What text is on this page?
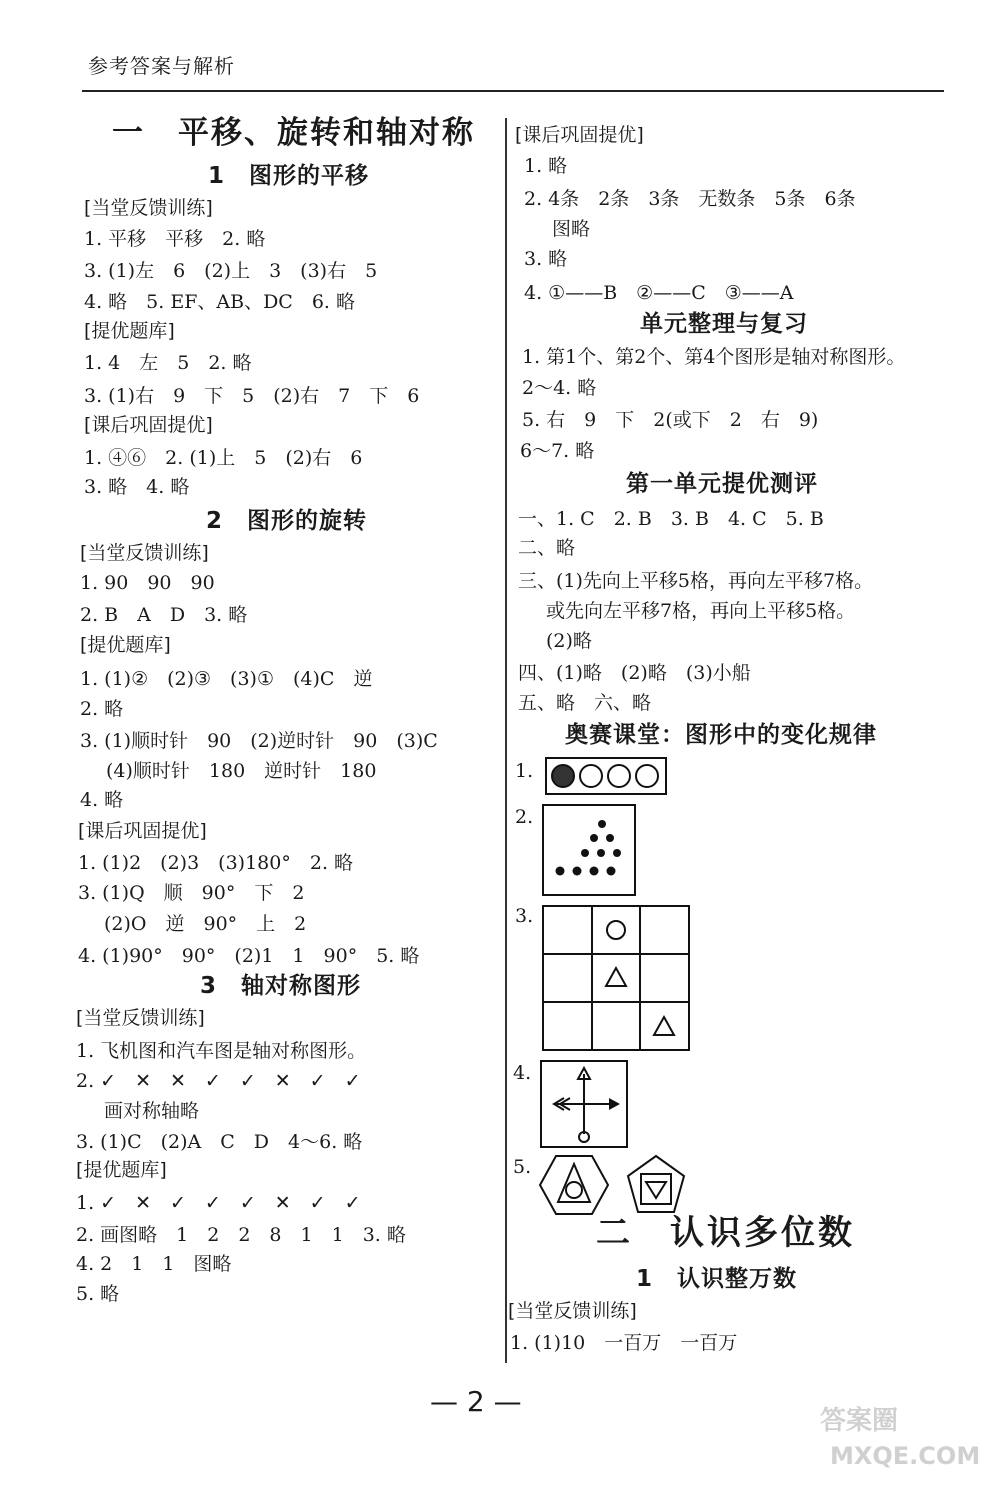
参考答案与解析
一　平移、旋转和轴对称
1　图形的平移
[当堂反馈训练]
1. 平移　平移　2. 略
3. (1)左　6　(2)上　3　(3)右　5
4. 略　5. EF、AB、DC　6. 略
[提优题库]
1. 4　左　5　2. 略
3. (1)右　9　下　5　(2)右　7　下　6
[课后巩固提优]
1. ④⑥　2. (1)上　5　(2)右　6
3. 略　4. 略
2　图形的旋转
[当堂反馈训练]
1. 90　90　90
2. B　A　D　3. 略
[提优题库]
1. (1)②　(2)③　(3)①　(4)C　逆
2. 略
3. (1)顺时针　90　(2)逆时针　90　(3)C
(4)顺时针　180　逆时针　180
4. 略
[课后巩固提优]
1. (1)2　(2)3　(3)180°　2. 略
3. (1)Q　顺　90°　下　2
(2)O　逆　90°　上　2
4. (1)90°　90°　(2)1　1　90°　5. 略
3　轴对称图形
[当堂反馈训练]
1. 飞机图和汽车图是轴对称图形。
2. ✓　✕　✕　✓　✓　✕　✓　✓
画对称轴略
3. (1)C　(2)A　C　D　4～6. 略
[提优题库]
1. ✓　✕　✓　✓　✓　✕　✓　✓
2. 画图略　1　2　2　8　1　1　3. 略
4. 2　1　1　图略
5. 略
[课后巩固提优]
1. 略
2. 4条　2条　3条　无数条　5条　6条
图略
3. 略
4. ①——B　②——C　③——A
单元整理与复习
1. 第1个、第2个、第4个图形是轴对称图形。
2～4. 略
5. 右　9　下　2(或下　2　右　9)
6～7. 略
第一单元提优测评
一、1. C　2. B　3. B　4. C　5. B
二、略
三、(1)先向上平移5格，再向左平移7格。
或先向左平移7格，再向上平移5格。
(2)略
四、(1)略　(2)略　(3)小船
五、略　六、略
奥赛课堂：图形中的变化规律
1.
2.
3.
4.
5.
二　认识多位数
1　认识整万数
[当堂反馈训练]
1. (1)10　一百万　一百万
— 2 —
答案圈
MXQE.COM
